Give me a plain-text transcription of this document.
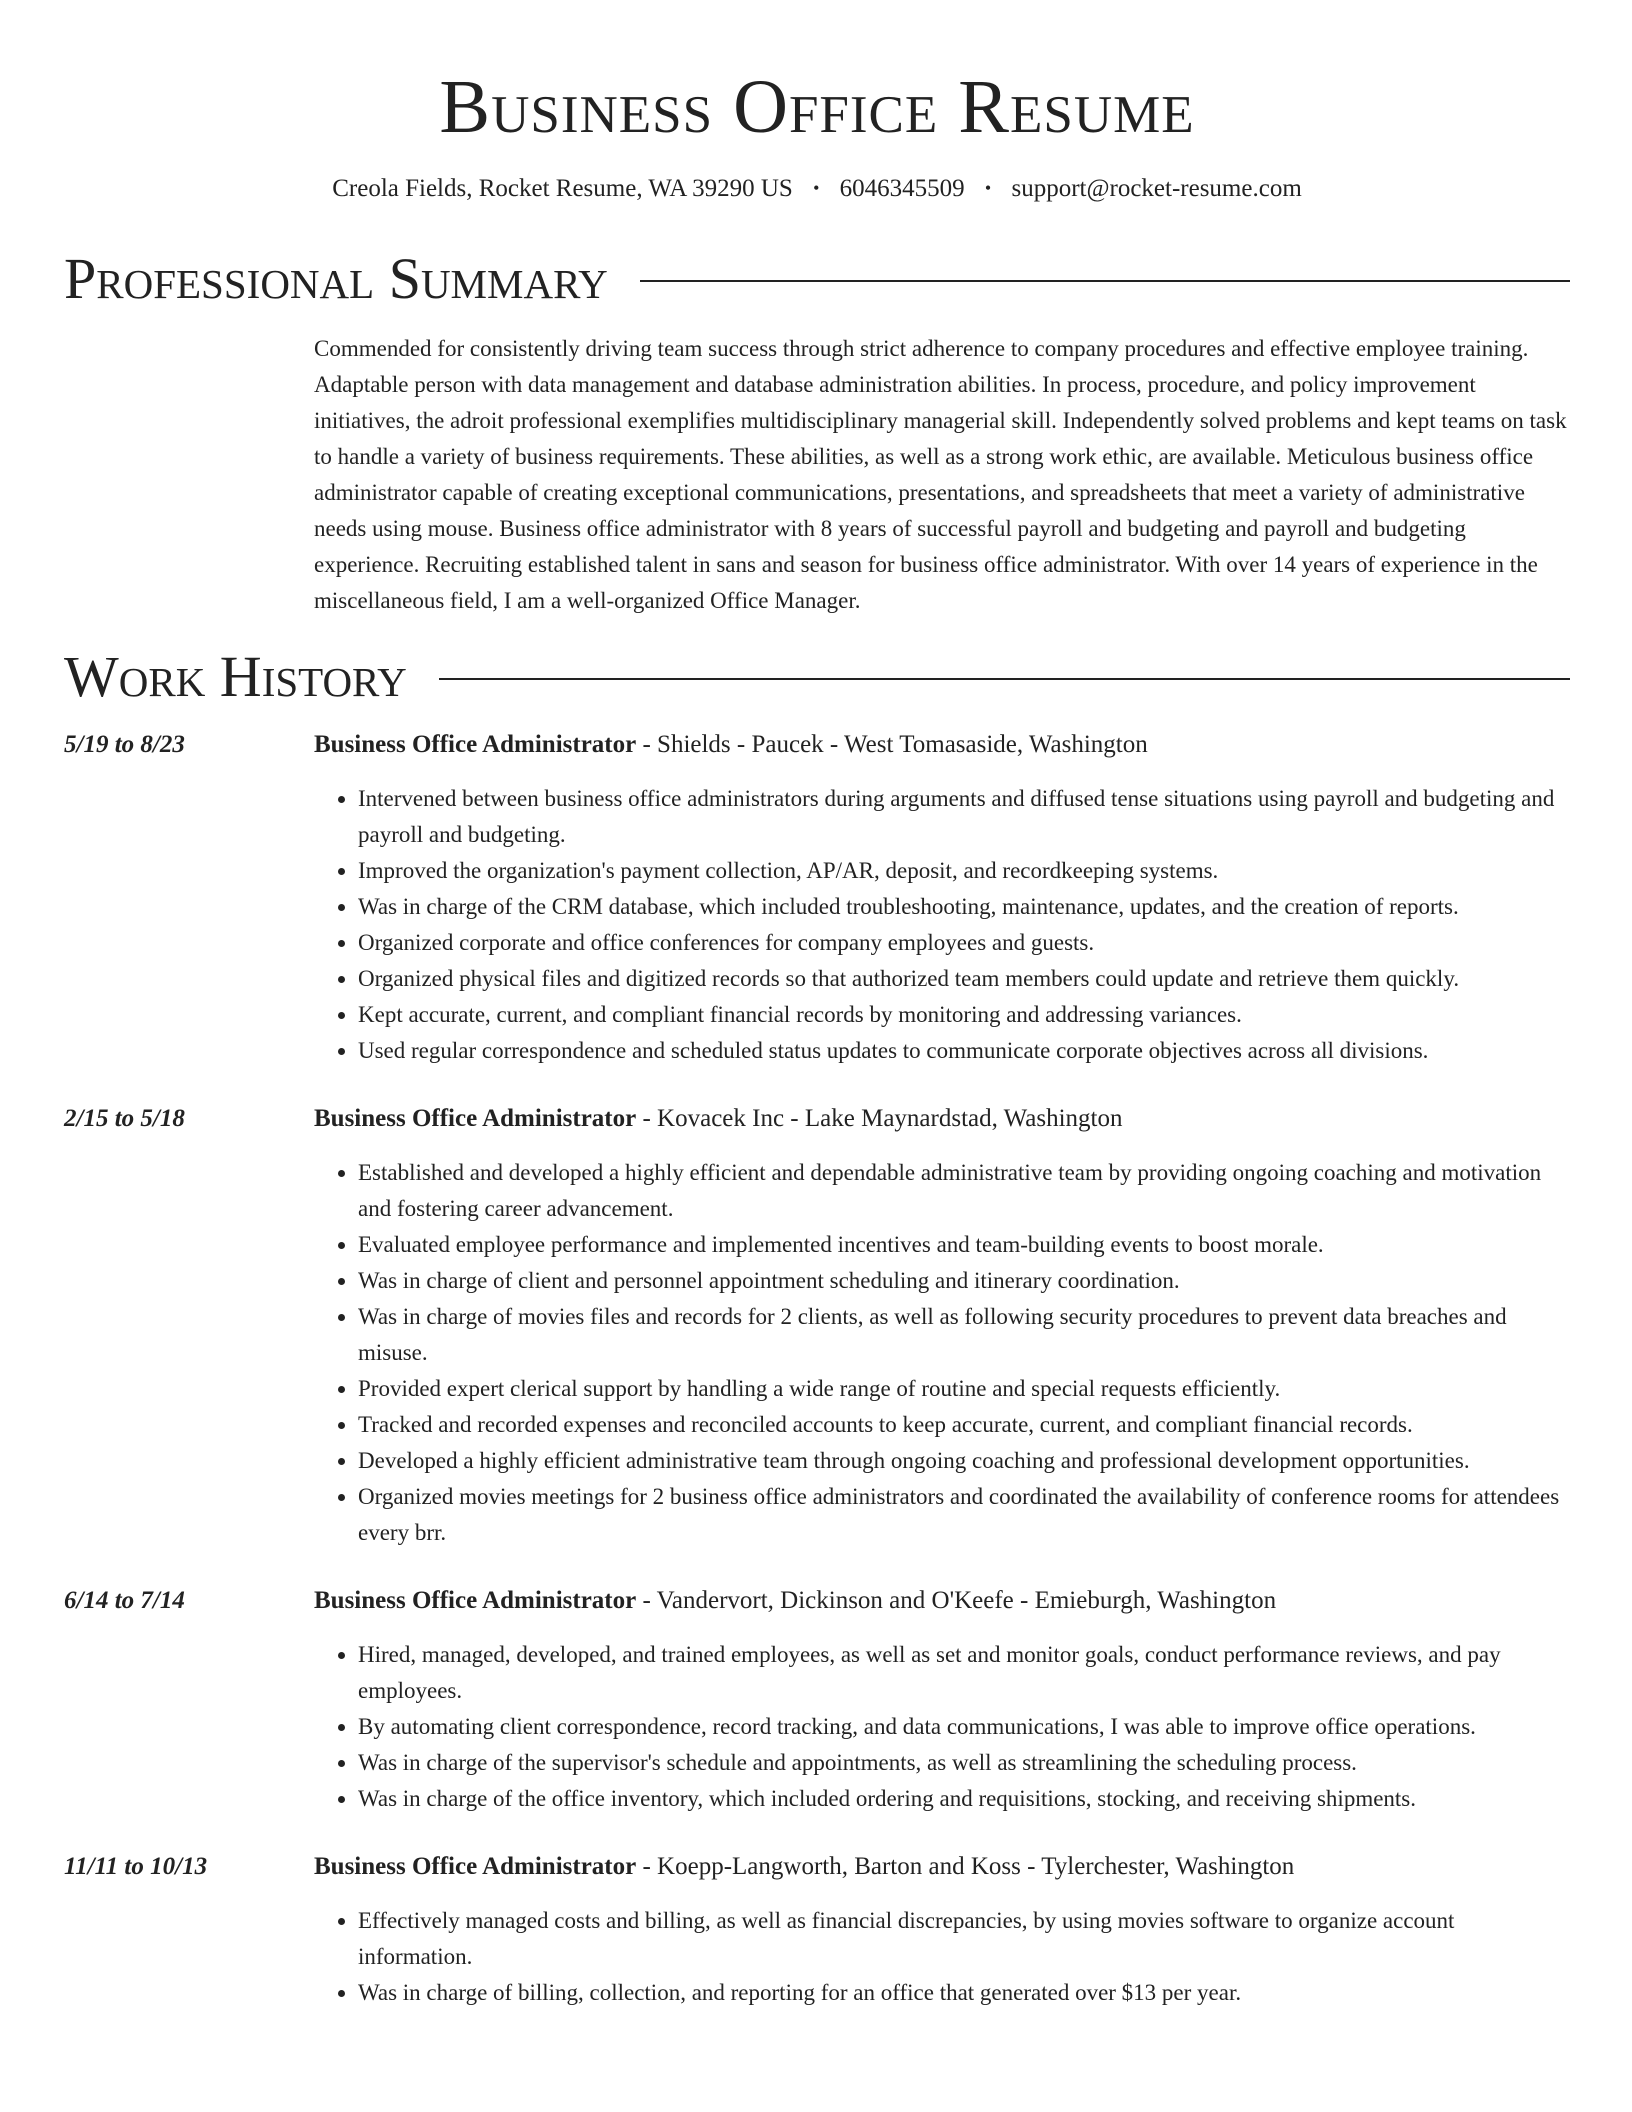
Business Office Resume
Creola Fields, Rocket Resume, WA 39290 US • 6046345509 • support@rocket-resume.com
Professional Summary

Commended for consistently driving team success through strict adherence to company procedures and effective employee training. Adaptable person with data management and database administration abilities. In process, procedure, and policy improvement initiatives, the adroit professional exemplifies multidisciplinary managerial skill. Independently solved problems and kept teams on task to handle a variety of business requirements. These abilities, as well as a strong work ethic, are available. Meticulous business office administrator capable of creating exceptional communications, presentations, and spreadsheets that meet a variety of administrative needs using mouse. Business office administrator with 8 years of successful payroll and budgeting and payroll and budgeting experience. Recruiting established talent in sans and season for business office administrator. With over 14 years of experience in the miscellaneous field, I am a well-organized Office Manager.

Work History
5/19 to 8/23	Business Office Administrator - Shields - Paucek - West Tomasaside, Washington
• Intervened between business office administrators during arguments and diffused tense situations using payroll and budgeting and payroll and budgeting.
• Improved the organization's payment collection, AP/AR, deposit, and recordkeeping systems.
• Was in charge of the CRM database, which included troubleshooting, maintenance, updates, and the creation of reports.
• Organized corporate and office conferences for company employees and guests.
• Organized physical files and digitized records so that authorized team members could update and retrieve them quickly.
• Kept accurate, current, and compliant financial records by monitoring and addressing variances.
• Used regular correspondence and scheduled status updates to communicate corporate objectives across all divisions.
2/15 to 5/18	Business Office Administrator - Kovacek Inc - Lake Maynardstad, Washington
• Established and developed a highly efficient and dependable administrative team by providing ongoing coaching and motivation and fostering career advancement.
• Evaluated employee performance and implemented incentives and team-building events to boost morale.
• Was in charge of client and personnel appointment scheduling and itinerary coordination.
• Was in charge of movies files and records for 2 clients, as well as following security procedures to prevent data breaches and misuse.
• Provided expert clerical support by handling a wide range of routine and special requests efficiently.
• Tracked and recorded expenses and reconciled accounts to keep accurate, current, and compliant financial records.
• Developed a highly efficient administrative team through ongoing coaching and professional development opportunities.
• Organized movies meetings for 2 business office administrators and coordinated the availability of conference rooms for attendees every brr.
6/14 to 7/14	Business Office Administrator - Vandervort, Dickinson and O'Keefe - Emieburgh, Washington
• Hired, managed, developed, and trained employees, as well as set and monitor goals, conduct performance reviews, and pay employees.
• By automating client correspondence, record tracking, and data communications, I was able to improve office operations.
• Was in charge of the supervisor's schedule and appointments, as well as streamlining the scheduling process.
• Was in charge of the office inventory, which included ordering and requisitions, stocking, and receiving shipments.
11/11 to 10/13	Business Office Administrator - Koepp-Langworth, Barton and Koss - Tylerchester, Washington
• Effectively managed costs and billing, as well as financial discrepancies, by using movies software to organize account information.
• Was in charge of billing, collection, and reporting for an office that generated over $13 per year.
